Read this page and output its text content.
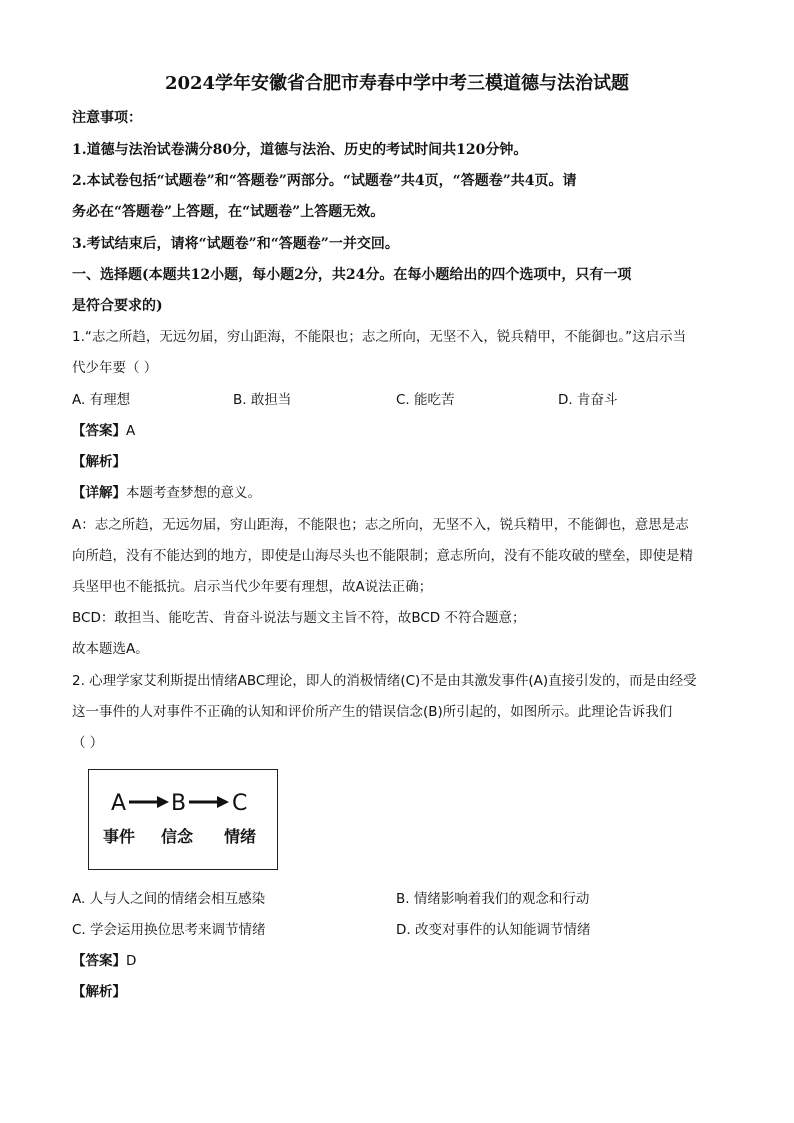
2024学年安徽省合肥市寿春中学中考三模道德与法治试题
注意事项：
1.道德与法治试卷满分80分，道德与法治、历史的考试时间共120分钟。
2.本试卷包括“试题卷”和“答题卷”两部分。“试题卷”共4页，“答题卷”共4页。请
务必在“答题卷”上答题，在“试题卷”上答题无效。
3.考试结束后，请将“试题卷”和“答题卷”一并交回。
一、选择题(本题共12小题，每小题2分，共24分。在每小题给出的四个选项中，只有一项
是符合要求的)
1.“志之所趋，无远勿届，穷山距海，不能限也；志之所向，无坚不入，锐兵精甲，不能御也。”这启示当
代少年要（ ）
A. 有理想	B. 敢担当	C. 能吃苦	D. 肯奋斗
【答案】A
【解析】
【详解】本题考查梦想的意义。
A：志之所趋，无远勿届，穷山距海，不能限也；志之所向，无坚不入，锐兵精甲，不能御也，意思是志
向所趋，没有不能达到的地方，即使是山海尽头也不能限制；意志所向，没有不能攻破的壁垒，即使是精
兵坚甲也不能抵抗。启示当代少年要有理想，故A说法正确；
BCD：敢担当、能吃苦、肯奋斗说法与题文主旨不符，故BCD 不符合题意；
故本题选A。
2. 心理学家艾利斯提出情绪ABC理论，即人的消极情绪(C)不是由其激发事件(A)直接引发的，而是由经受
这一事件的人对事件不正确的认知和评价所产生的错误信念(B)所引起的，如图所示。此理论告诉我们
（ ）
A B C
事件 信念 情绪
A. 人与人之间的情绪会相互感染	B. 情绪影响着我们的观念和行动
C. 学会运用换位思考来调节情绪	D. 改变对事件的认知能调节情绪
【答案】D
【解析】
